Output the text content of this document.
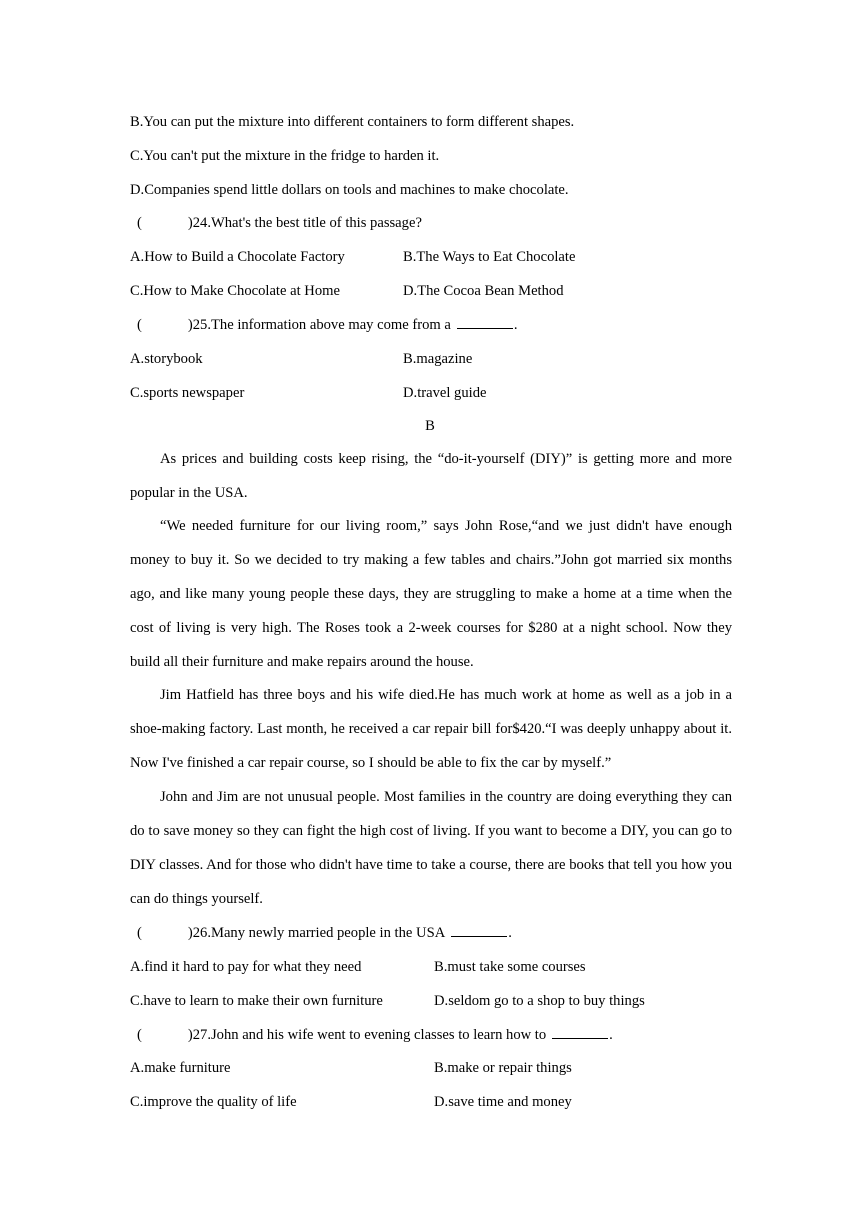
B.You can put the mixture into different containers to form different shapes.
C.You can't put the mixture in the fridge to harden it.
D.Companies spend little dollars on tools and machines to make chocolate.
(	)24.What's the best title of this passage?
A.How to Build a Chocolate Factory	B.The Ways to Eat Chocolate
C.How to Make Chocolate at Home	D.The Cocoa Bean Method
(	)25.The information above may come from a	.
A.storybook	B.magazine
C.sports newspaper	D.travel guide
B
As prices and building costs keep rising, the “do-it-yourself (DIY)” is getting more and more popular in the USA.
“We needed furniture for our living room,” says John Rose,“and we just didn't have enough money to buy it. So we decided to try making a few tables and chairs.”John got married six months ago, and like many young people these days, they are struggling to make a home at a time when the cost of living is very high. The Roses took a 2-week courses for $280 at a night school. Now they build all their furniture and make repairs around the house.
Jim Hatfield has three boys and his wife died.He has much work at home as well as a job in a shoe-making factory. Last month, he received a car repair bill for$420.“I was deeply unhappy about it. Now I've finished a car repair course, so I should be able to fix the car by myself.”
John and Jim are not unusual people. Most families in the country are doing everything they can do to save money so they can fight the high cost of living. If you want to become a DIY, you can go to DIY classes. And for those who didn't have time to take a course, there are books that tell you how you can do things yourself.
(	)26.Many newly married people in the USA	.
A.find it hard to pay for what they need	B.must take some courses
C.have to learn to make their own furniture	D.seldom go to a shop to buy things
(	)27.John and his wife went to evening classes to learn how to	.
A.make furniture	B.make or repair things
C.improve the quality of life	D.save time and money
